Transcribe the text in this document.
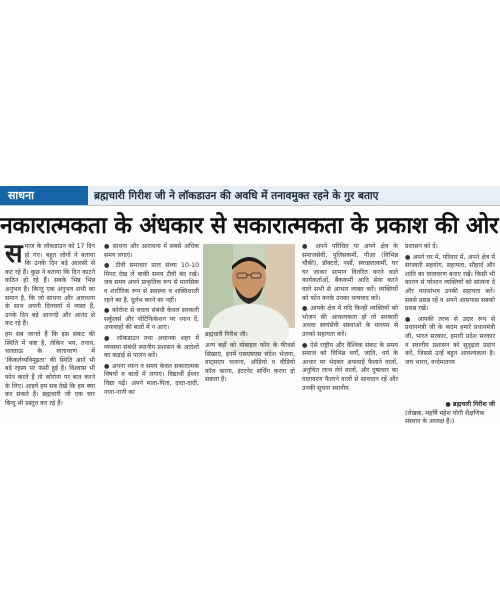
साधना	ब्रह्मचारी गिरीश जी ने लॉकडाउन की अवधि में तनावमुक्त रहने के गुर बताए
नकारात्मकता के अंधकार से सकारात्मकता के प्रकाश की ओर
स माज के लॉकडाउन को 17 दिन हो गए। बहुत लोगों ने बताया कि उनके दिन बड़े आलसी से कट रहे हैं। कुछ ने बताया कि दिन काटने कठिन हो रहे हैं। सबके भिन्न भिन्न अनुभव हैं। किन्तु एक अनुभव सभी का समान है, कि जो साधना और आराधना के साथ अपनी दिनचर्या में व्यस्त हैं, उनके दिन बड़े आनन्दी और आनंद से कट रहे हैं।

हम सब जानते हैं कि इस संकट की स्थिति में कष्ट है, लेकिन भय, तनाव, चलताऊ के वातावरण में 'किंकर्तव्यविमूढ़ता' की स्थिति आने भी बड़े रहस्य पर फंसी हुई है। विश्वास भी फोन करते हैं तो कोरोना पर बात करने के लिए। आइये हम सब देखें कि हम क्या कर सकते हैं। ब्रह्मचारी जी एक चार बिन्दु भी प्रस्तुत कर रहे हैं।

● साधना और आराधना में सबसे अधिक समय लगाएं।

● टीवी समाचार प्रातः संध्या 10-10 मिनट देख लें बाकी समय टीवी बंद रखें। जब समय अपने प्राकृतिक रूप से मानसिक व शारीरिक रूप से स्वास्थ्य व शक्तिशाली रहने का है, दूर्लभ करने का नहीं।

● कोरोना से बचाव संबंधी केवल सरकारी सर्कुलर्स और नोटिफिकेशन पर ध्यान दें, अफवाहों की बातों में न आएं।

● लॉकडाउन तथा अचानक शहर में व्यवस्था संबंधी स्थानीय प्रशासन के आदेशों का कड़ाई से पालन करें।

● अपना ध्यान व समय केवल सकारात्मक विषयों व बातों में लगाएं। विद्यार्थी ईश्वर विद्या पढ़ें। अपने माता-पिता, दादा-दादी, नाना-नानी का

ब्रह्मचारी गिरीश जी।

अन्य बड़ों को मोबाइल फोन के फीचर्स सिखाएं, इनमें एसएमएस संदेश भेजना, वाट्सएप चलाना, ऑडियो व वीडियो कॉल करना, इंटरनेट सर्चिंग करना हो सकता है।

● अपने परिचित या अपने क्षेत्र के समाजसेवी, पुलिसकर्मी, पीआ (विभिन्न चौकी), डॉक्टरों, नर्सों, स्वच्छताकर्मी, घर घर जाकर सामान वितरित करने वाले कार्यकर्ताओं, बैंककर्मी आदि सेवा करने वाले सभी से आभार व्यक्त करें। व्यक्तियों को फोन करके उनका धन्यवाद करें।

● आपके क्षेत्र में यदि किन्हीं व्यक्तियों को भोजन की आवश्यकता हो तो सरकारी अथवा स्वयंसेवी संस्थाओं के माध्यम से उनको सहायता करें।

● ऐसे राष्ट्रीय और वैश्विक संकट के समय समाज को विभिन्न वर्गों, जाति, धर्म के आधार पर भेदकर अफवाहें फैलाने वालों, अनुचित लाभ लेने वालों, और दुष्प्रचार का वातावरण फैलाने वालों से सावधान रहें और उनकी सूचना स्थानीय

प्रशासन को दें।

● अपने घर में, परिवार में, अपने क्षेत्र में सरस्वती सहयोग, सहायता, सौहार्द और शांति का वातावरण बनाए रखें। किसी भी कारण से परेशान व्यक्तियों को सांत्वना दें और यथासंभव उनकी सहायता करें। सबसे प्रसन्न रहें व अपने आसपास सबको प्रसन्न रखें।

● आपकी तरफ से उदार रूप से प्रधानमंत्री जी के कदम हमारे प्रधानमंत्री जी, भारत सरकार, हमारी प्रदेश सरकार व स्थानीय प्रशासन को सुदृढ़ता प्रदान करें, जिससे उन्हें बहुत आवश्यकता है। जय भारत, वन्देमातरम

● ब्रह्मचारी गिरीश जी
(लेखक, महर्षि महेश योगी शैक्षणिक संस्थान के अध्यक्ष हैं।)
